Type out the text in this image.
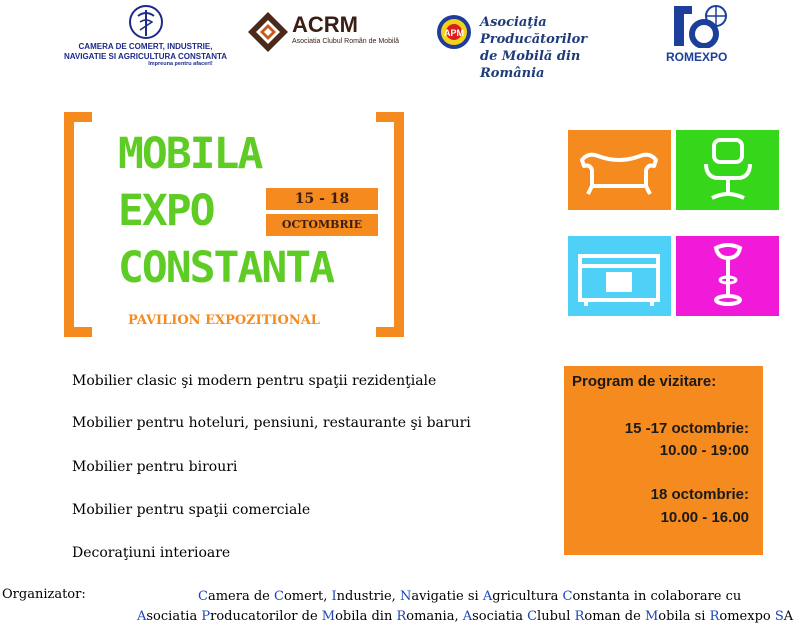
CAMERA DE COMERT, INDUSTRIE,
NAVIGATIE SI AGRICULTURA CONSTANTA
Impreuna pentru afaceri!
ACRM
Asociatia Clubul Român de Mobilă
APM
Asociaţia Producătorilor
de Mobilă din România
ROMEXPO
MOBILA
EXPO
CONSTANTA
15 - 18
OCTOMBRIE
PAVILION EXPOZITIONAL
Mobilier clasic şi modern pentru spaţii rezidenţiale
Mobilier pentru hoteluri, pensiuni, restaurante şi baruri
Mobilier pentru birouri
Mobilier pentru spaţii comerciale
Decoraţiuni interioare
Program de vizitare:
15 -17 octombrie:
10.00 - 19:00
18 octombrie:
10.00 - 16.00
Organizator:	Camera de Comert, Industrie, Navigatie si Agricultura Constanta in colaborare cu
Asociatia Producatorilor de Mobila din Romania, Asociatia Clubul Roman de Mobila si Romexpo SA
